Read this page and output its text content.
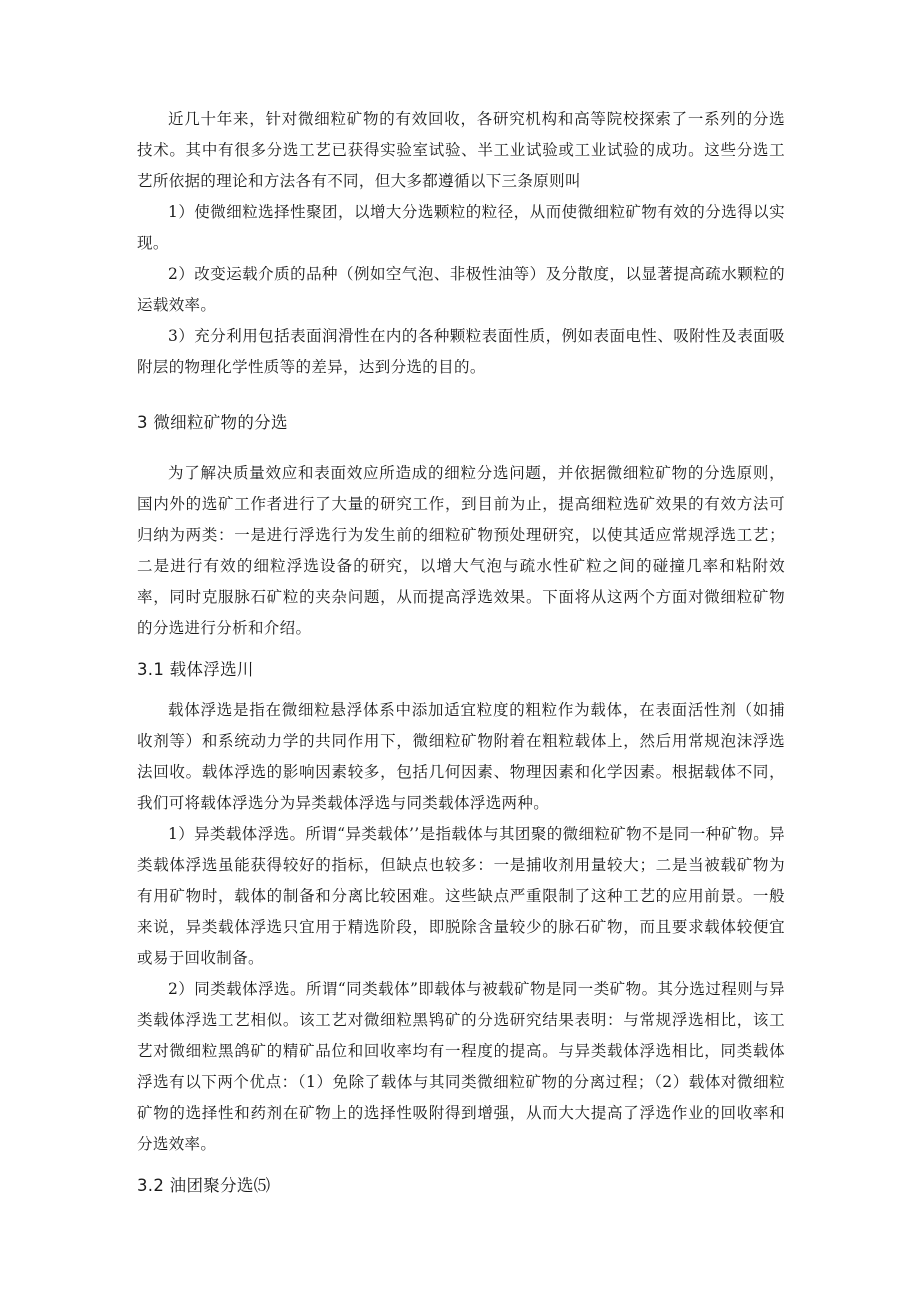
近几十年来，针对微细粒矿物的有效回收，各研究机构和高等院校探索了一系列的分选技术。其中有很多分选工艺已获得实验室试验、半工业试验或工业试验的成功。这些分选工艺所依据的理论和方法各有不同，但大多都遵循以下三条原则叫

1）使微细粒选择性聚团，以增大分选颗粒的粒径，从而使微细粒矿物有效的分选得以实现。

2）改变运载介质的品种（例如空气泡、非极性油等）及分散度，以显著提高疏水颗粒的运载效率。

3）充分利用包括表面润滑性在内的各种颗粒表面性质，例如表面电性、吸附性及表面吸附层的物理化学性质等的差异，达到分选的目的。

3 微细粒矿物的分选

为了解决质量效应和表面效应所造成的细粒分选问题，并依据微细粒矿物的分选原则，国内外的选矿工作者进行了大量的研究工作，到目前为止，提高细粒选矿效果的有效方法可归纳为两类：一是进行浮选行为发生前的细粒矿物预处理研究，以使其适应常规浮选工艺；二是进行有效的细粒浮选设备的研究，以增大气泡与疏水性矿粒之间的碰撞几率和粘附效率，同时克服脉石矿粒的夹杂问题，从而提高浮选效果。下面将从这两个方面对微细粒矿物的分选进行分析和介绍。

3.1 载体浮选川

载体浮选是指在微细粒悬浮体系中添加适宜粒度的粗粒作为载体，在表面活性剂（如捕收剂等）和系统动力学的共同作用下，微细粒矿物附着在粗粒载体上，然后用常规泡沫浮选法回收。载体浮选的影响因素较多，包括几何因素、物理因素和化学因素。根据载体不同，我们可将载体浮选分为异类载体浮选与同类载体浮选两种。

1）异类载体浮选。所谓“异类载体’’是指载体与其团聚的微细粒矿物不是同一种矿物。异类载体浮选虽能获得较好的指标，但缺点也较多：一是捕收剂用量较大；二是当被载矿物为有用矿物时，载体的制备和分离比较困难。这些缺点严重限制了这种工艺的应用前景。一般来说，异类载体浮选只宜用于精选阶段，即脱除含量较少的脉石矿物，而且要求载体较便宜或易于回收制备。

2）同类载体浮选。所谓“同类载体”即载体与被载矿物是同一类矿物。其分选过程则与异类载体浮选工艺相似。该工艺对微细粒黑鸨矿的分选研究结果表明：与常规浮选相比，该工艺对微细粒黑鸽矿的精矿品位和回收率均有一程度的提高。与异类载体浮选相比，同类载体浮选有以下两个优点：（1）免除了载体与其同类微细粒矿物的分离过程；（2）载体对微细粒矿物的选择性和药剂在矿物上的选择性吸附得到增强，从而大大提高了浮选作业的回收率和分选效率。

3.2 油团聚分选⑸
